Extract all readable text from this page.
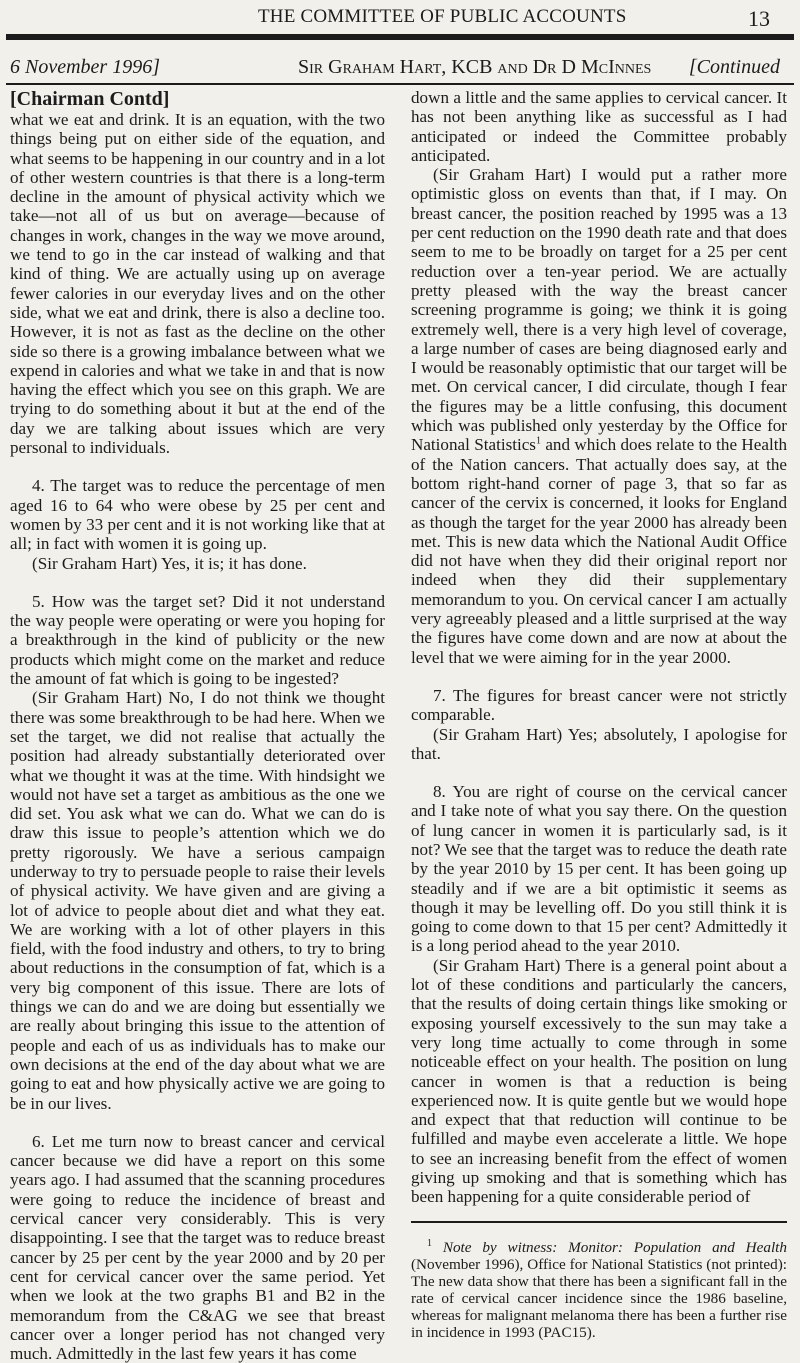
THE COMMITTEE OF PUBLIC ACCOUNTS	13
6 November 1996]	Sir Graham Hart, KCB and Dr D McInnes [Continued

[Chairman Contd]

what we eat and drink. It is an equation, with the two things being put on either side of the equation, and what seems to be happening in our country and in a lot of other western countries is that there is a long-term decline in the amount of physical activity which we take—not all of us but on average—because of changes in work, changes in the way we move around, we tend to go in the car instead of walking and that kind of thing. We are actually using up on average fewer calories in our everyday lives and on the other side, what we eat and drink, there is also a decline too. However, it is not as fast as the decline on the other side so there is a growing imbalance between what we expend in calories and what we take in and that is now having the effect which you see on this graph. We are trying to do something about it but at the end of the day we are talking about issues which are very personal to individuals.

4. The target was to reduce the percentage of men aged 16 to 64 who were obese by 25 per cent and women by 33 per cent and it is not working like that at all; in fact with women it is going up.

(Sir Graham Hart) Yes, it is; it has done.

5. How was the target set? Did it not understand the way people were operating or were you hoping for a breakthrough in the kind of publicity or the new products which might come on the market and reduce the amount of fat which is going to be ingested?

(Sir Graham Hart) No, I do not think we thought there was some breakthrough to be had here. When we set the target, we did not realise that actually the position had already substantially deteriorated over what we thought it was at the time. With hindsight we would not have set a target as ambitious as the one we did set. You ask what we can do. What we can do is draw this issue to people’s attention which we do pretty rigorously. We have a serious campaign underway to try to persuade people to raise their levels of physical activity. We have given and are giving a lot of advice to people about diet and what they eat. We are working with a lot of other players in this field, with the food industry and others, to try to bring about reductions in the consumption of fat, which is a very big component of this issue. There are lots of things we can do and we are doing but essentially we are really about bringing this issue to the attention of people and each of us as individuals has to make our own decisions at the end of the day about what we are going to eat and how physically active we are going to be in our lives.

6. Let me turn now to breast cancer and cervical cancer because we did have a report on this some years ago. I had assumed that the scanning procedures were going to reduce the incidence of breast and cervical cancer very considerably. This is very disappointing. I see that the target was to reduce breast cancer by 25 per cent by the year 2000 and by 20 per cent for cervical cancer over the same period. Yet when we look at the two graphs B1 and B2 in the memorandum from the C&AG we see that breast cancer over a longer period has not changed very much. Admittedly in the last few years it has come

down a little and the same applies to cervical cancer. It has not been anything like as successful as I had anticipated or indeed the Committee probably anticipated.

(Sir Graham Hart) I would put a rather more optimistic gloss on events than that, if I may. On breast cancer, the position reached by 1995 was a 13 per cent reduction on the 1990 death rate and that does seem to me to be broadly on target for a 25 per cent reduction over a ten-year period. We are actually pretty pleased with the way the breast cancer screening programme is going; we think it is going extremely well, there is a very high level of coverage, a large number of cases are being diagnosed early and I would be reasonably optimistic that our target will be met. On cervical cancer, I did circulate, though I fear the figures may be a little confusing, this document which was published only yesterday by the Office for National Statistics$^1$ and which does relate to the Health of the Nation cancers. That actually does say, at the bottom right-hand corner of page 3, that so far as cancer of the cervix is concerned, it looks for England as though the target for the year 2000 has already been met. This is new data which the National Audit Office did not have when they did their original report nor indeed when they did their supplementary memorandum to you. On cervical cancer I am actually very agreeably pleased and a little surprised at the way the figures have come down and are now at about the level that we were aiming for in the year 2000.

7. The figures for breast cancer were not strictly comparable.

(Sir Graham Hart) Yes; absolutely, I apologise for that.

8. You are right of course on the cervical cancer and I take note of what you say there. On the question of lung cancer in women it is particularly sad, is it not? We see that the target was to reduce the death rate by the year 2010 by 15 per cent. It has been going up steadily and if we are a bit optimistic it seems as though it may be levelling off. Do you still think it is going to come down to that 15 per cent? Admittedly it is a long period ahead to the year 2010.

(Sir Graham Hart) There is a general point about a lot of these conditions and particularly the cancers, that the results of doing certain things like smoking or exposing yourself excessively to the sun may take a very long time actually to come through in some noticeable effect on your health. The position on lung cancer in women is that a reduction is being experienced now. It is quite gentle but we would hope and expect that that reduction will continue to be fulfilled and maybe even accelerate a little. We hope to see an increasing benefit from the effect of women giving up smoking and that is something which has been happening for a quite considerable period of

$^1$ Note by witness: Monitor: Population and Health (November 1996), Office for National Statistics (not printed): The new data show that there has been a significant fall in the rate of cervical cancer incidence since the 1986 baseline, whereas for malignant melanoma there has been a further rise in incidence in 1993 (PAC15).
